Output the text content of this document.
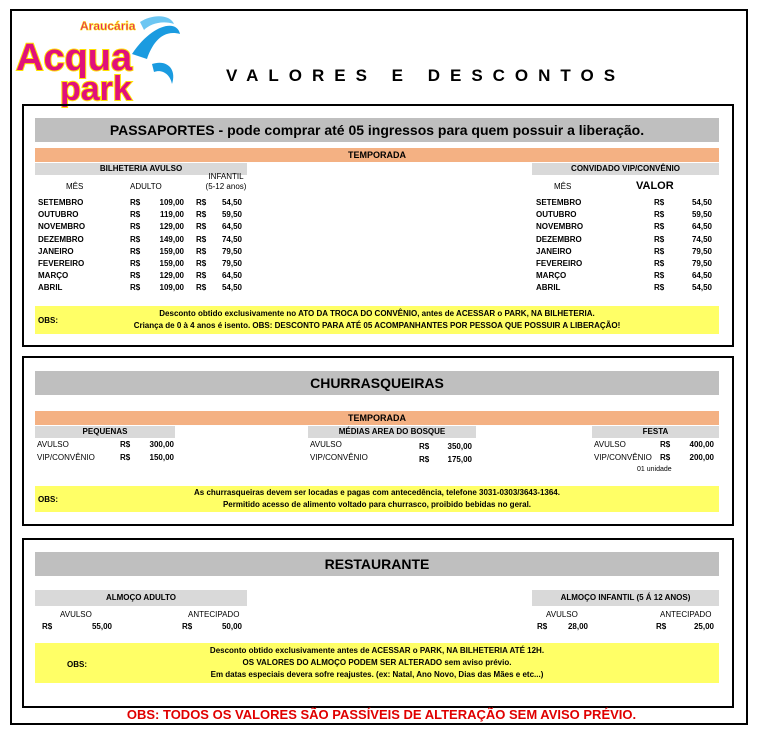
Araucária
Acqua
park	VALORES E DESCONTOS
PASSAPORTES - pode comprar até 05 ingressos para quem possuir a liberação.
TEMPORADA
BILHETERIA AVULSO	CONVIDADO VIP/CONVÊNIO
MÊS	ADULTO
INFANTIL
(5-12 anos)	MÊS	VALOR
SETEMBRO	R$	109,00 R$	54,50	SETEMBRO	R$	54,50
OUTUBRO	R$	119,00 R$	59,50	OUTUBRO	R$	59,50
NOVEMBRO	R$	129,00 R$	64,50	NOVEMBRO	R$	64,50
DEZEMBRO	R$	149,00 R$	74,50	DEZEMBRO	R$	74,50
JANEIRO	R$	159,00 R$	79,50	JANEIRO	R$	79,50
FEVEREIRO	R$	159,00 R$	79,50	FEVEREIRO	R$	79,50
MARÇO	R$	129,00 R$	64,50	MARÇO	R$	64,50
ABRIL	R$	109,00 R$	54,50	ABRIL	R$	54,50
OBS:
Desconto obtido exclusivamente no ATO DA TROCA DO CONVÊNIO, antes de ACESSAR o PARK, NA BILHETERIA.
Criança de 0 à 4 anos é isento. OBS: DESCONTO PARA ATÉ 05 ACOMPANHANTES POR PESSOA QUE POSSUIR A LIBERAÇÃO!
CHURRASQUEIRAS
TEMPORADA
PEQUENAS
AVULSO	R$	300,00
VIP/CONVÊNIO	R$	150,00
MÉDIAS AREA DO BOSQUE
AVULSO	R$	350,00
VIP/CONVÊNIO	R$	175,00
FESTA
AVULSO	R$	400,00
VIP/CONVÊNIO R$	200,00
01 unidade
OBS:
As churrasqueiras devem ser locadas e pagas com antecedência, telefone 3031-0303/3643-1364.
Permitido acesso de alimento voltado para churrasco, proibido bebidas no geral.
RESTAURANTE
ALMOÇO ADULTO	ALMOÇO INFANTIL (5 Á 12 ANOS)
AVULSO	ANTECIPADO
R$	55,00	R$	50,00
AVULSO	ANTECIPADO
R$	28,00	R$	25,00
OBS:
Desconto obtido exclusivamente antes de ACESSAR o PARK, NA BILHETERIA ATÉ 12H.
OS VALORES DO ALMOÇO PODEM SER ALTERADO sem aviso prévio.
Em datas especiais devera sofre reajustes. (ex: Natal, Ano Novo, Dias das Mães e etc...)
OBS: TODOS OS VALORES SÃO PASSÍVEIS DE ALTERAÇÃO SEM AVISO PRÉVIO.
